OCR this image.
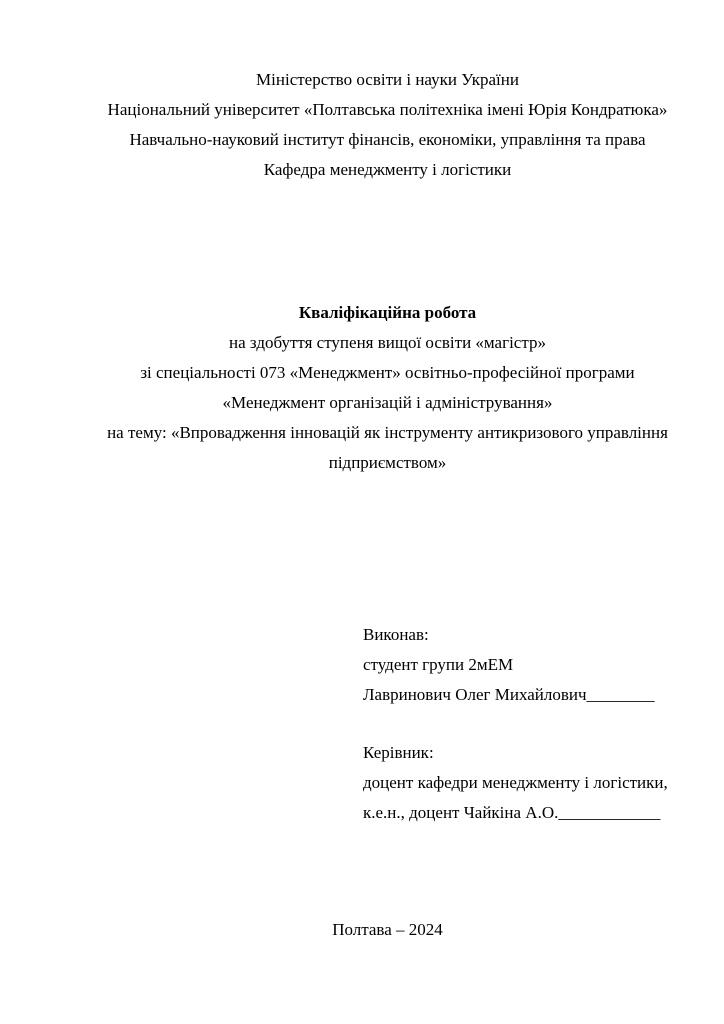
Міністерство освіти і науки України
Національний університет «Полтавська політехніка імені Юрія Кондратюка»
Навчально-науковий інститут фінансів, економіки, управління та права
Кафедра менеджменту і логістики
Кваліфікаційна робота
на здобуття ступеня вищої освіти «магістр»
зі спеціальності 073 «Менеджмент» освітньо-професійної програми
«Менеджмент організацій і адміністрування»
на тему: «Впровадження інновацій як інструменту антикризового управління
підприємством»
Виконав:
студент групи 2мЕМ
Лавринович Олег Михайлович________
Керівник:
доцент кафедри менеджменту і логістики,
к.е.н., доцент Чайкіна А.О.____________
Полтава – 2024
